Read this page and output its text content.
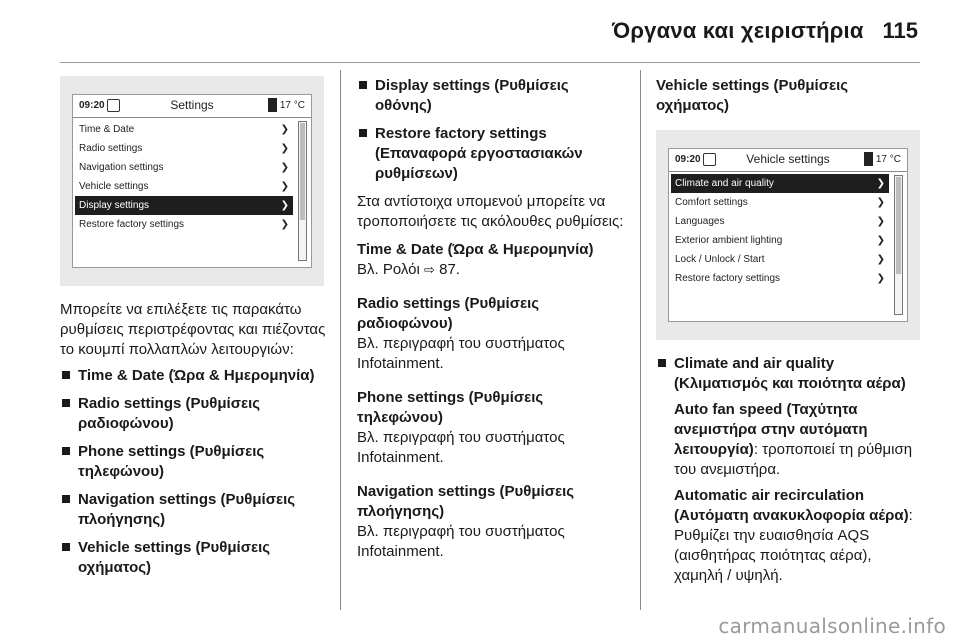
Όργανα και χειριστήρια 115
09:20	Settings	17 °C
Time & Date	❯
Radio settings	❯
Navigation settings	❯
Vehicle settings	❯
Display settings	❯
Restore factory settings	❯

Μπορείτε να επιλέξετε τις παρακάτω ρυθμίσεις περιστρέφοντας και πιέζοντας το κουμπί πολλαπλών λειτουργιών:

Time & Date (Ώρα & Ημερομηνία)
Radio settings (Ρυθμίσεις ραδιοφώνου)
Phone settings (Ρυθμίσεις τηλεφώνου)
Navigation settings (Ρυθμίσεις πλοήγησης)
Vehicle settings (Ρυθμίσεις οχήματος)
Display settings (Ρυθμίσεις οθόνης)
Restore factory settings (Επαναφορά εργοστασιακών ρυθμίσεων)

Στα αντίστοιχα υπομενού μπορείτε να τροποποιήσετε τις ακόλουθες ρυθμίσεις:

Time & Date (Ώρα & Ημερομηνία)
Βλ. Ρολόι ⇨ 87.
Radio settings (Ρυθμίσεις ραδιοφώνου)
Βλ. περιγραφή του συστήματος Infotainment.
Phone settings (Ρυθμίσεις τηλεφώνου)
Βλ. περιγραφή του συστήματος Infotainment.
Navigation settings (Ρυθμίσεις πλοήγησης)
Βλ. περιγραφή του συστήματος Infotainment.
Vehicle settings (Ρυθμίσεις οχήματος)
09:20	Vehicle settings	17 °C
Climate and air quality	❯
Comfort settings	❯
Languages	❯
Exterior ambient lighting	❯
Lock / Unlock / Start	❯
Restore factory settings	❯
Climate and air quality (Κλιματισμός και ποιότητα αέρα)
Auto fan speed (Ταχύτητα ανεμιστήρα στην αυτόματη λειτουργία): τροποποιεί τη ρύθμιση του ανεμιστήρα.
Automatic air recirculation (Αυτόματη ανακυκλοφορία αέρα): Ρυθμίζει την ευαισθησία AQS (αισθητήρας ποιότητας αέρα), χαμηλή / υψηλή.
carmanualsonline.info
